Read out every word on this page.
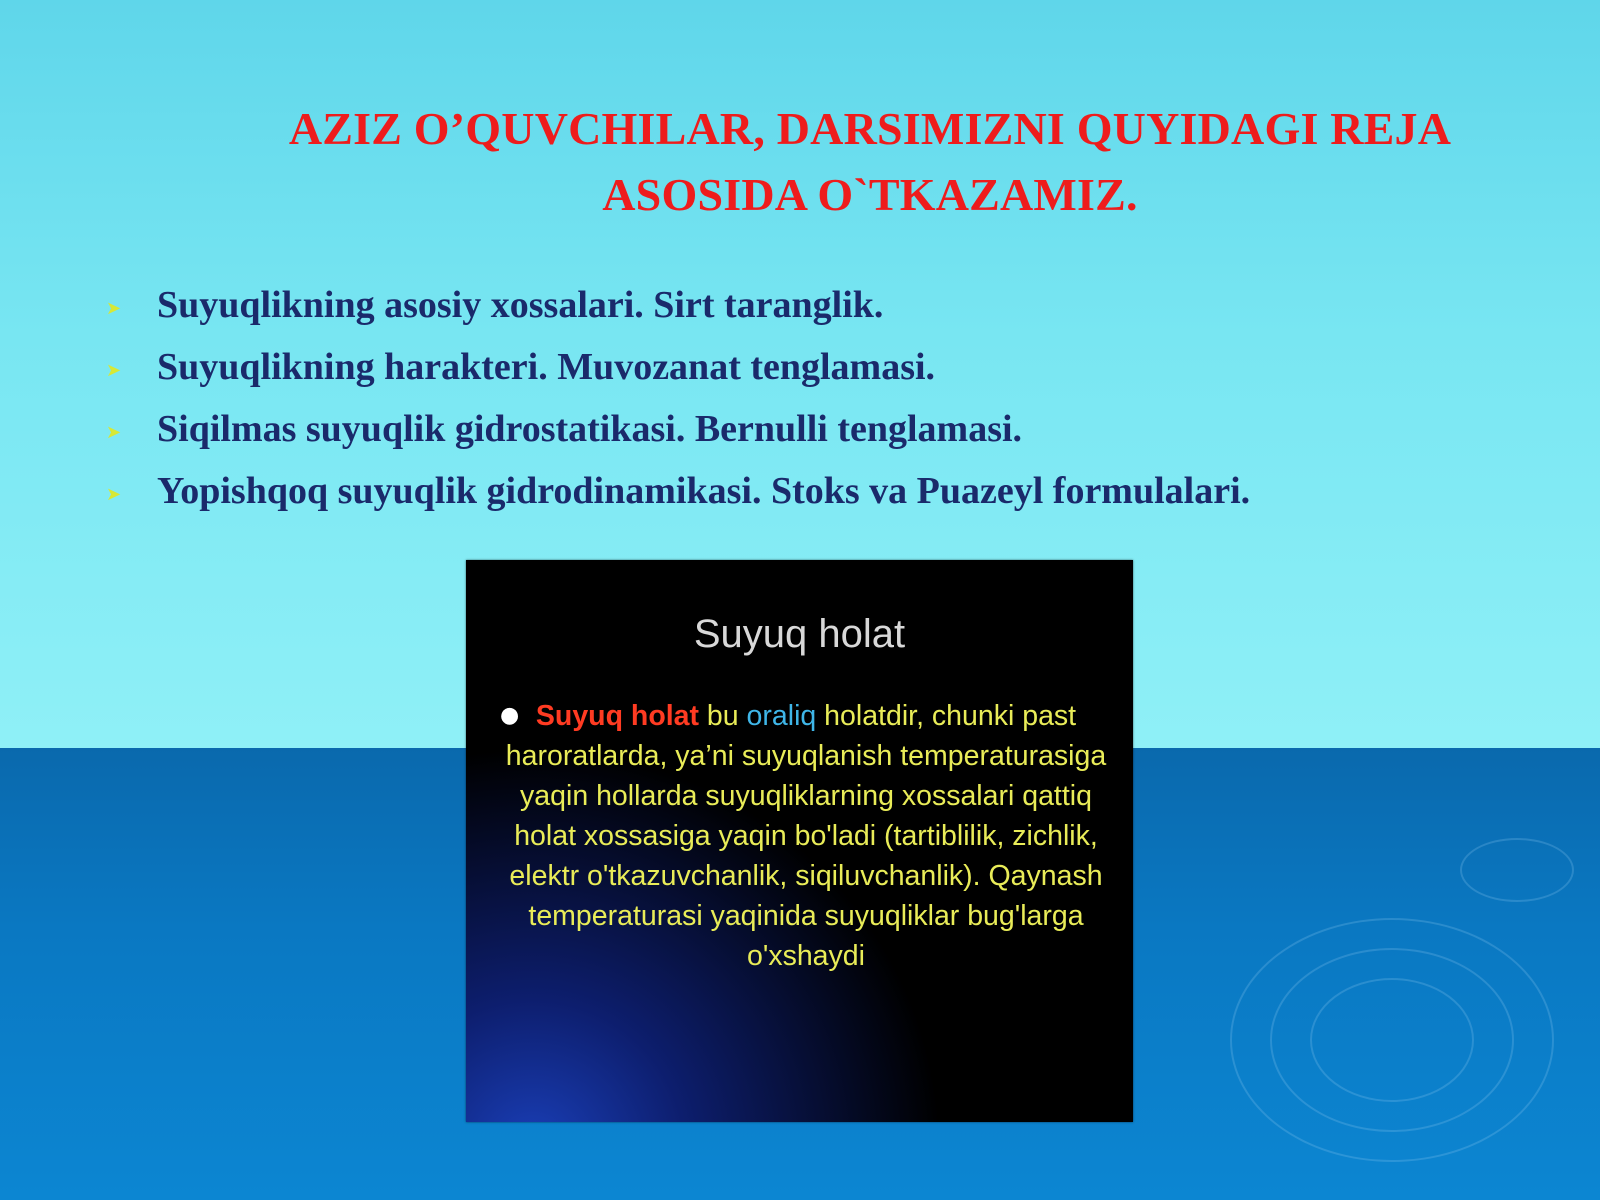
AZIZ O’QUVCHILAR, DARSIMIZNI QUYIDAGI REJA
ASOSIDA O`TKAZAMIZ.
➤ Suyuqlikning asosiy xossalari. Sirt taranglik.
➤ Suyuqlikning harakteri. Muvozanat tenglamasi.
➤ Siqilmas suyuqlik gidrostatikasi. Bernulli tenglamasi.
➤ Yopishqoq suyuqlik gidrodinamikasi. Stoks va Puazeyl formulalari.
Suyuq holat
● Suyuq holat bu oraliq holatdir, chunki past haroratlarda, ya’ni suyuqlanish temperaturasiga yaqin hollarda suyuqliklarning xossalari qattiq holat xossasiga yaqin bo'ladi (tartiblilik, zichlik, elektr o'tkazuvchanlik, siqiluvchanlik). Qaynash temperaturasi yaqinida suyuqliklar bug'larga o'xshaydi
